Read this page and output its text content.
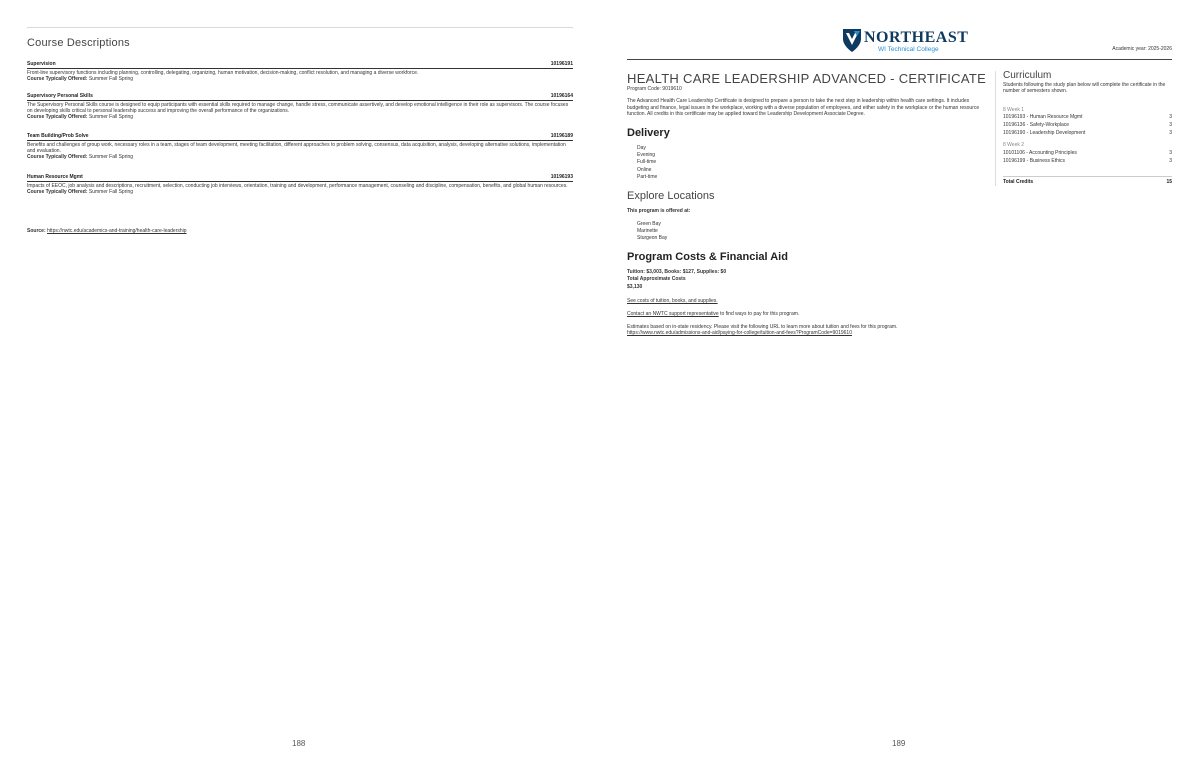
Course Descriptions
Supervision	10196191
Front-line supervisory functions including planning, controlling, delegating, organizing, human motivation, decision-making, conflict resolution, and managing a diverse workforce.
Course Typically Offered: Summer Fall Spring
Supervisory Personal Skills	10196164
The Supervisory Personal Skills course is designed to equip participants with essential skills required to manage change, handle stress, communicate assertively, and develop emotional intelligence in their role as supervisors. The course focuses on developing skills critical to personal leadership success and improving the overall performance of the organizations.
Course Typically Offered: Summer Fall Spring
Team Building/Prob Solve	10196189
Benefits and challenges of group work, necessary roles in a team, stages of team development, meeting facilitation, different approaches to problem solving, consensus, data acquisition, analysis, developing alternative solutions, implementation and evaluation.
Course Typically Offered: Summer Fall Spring
Human Resource Mgmt	10196193
Impacts of EEOC, job analysis and descriptions, recruitment, selection, conducting job interviews, orientation, training and development, performance management, counseling and discipline, compensation, benefits, and global human resources.
Course Typically Offered: Summer Fall Spring
Source: https://nwtc.edu/academics-and-training/health-care-leadership
188
NORTHEAST
WI Technical College	Academic year: 2025-2026
HEALTH CARE LEADERSHIP ADVANCED - CERTIFICATE
Program Code: 9019610
The Advanced Health Care Leadership Certificate is designed to prepare a person to take the next step in leadership within health care settings. It includes budgeting and finance, legal issues in the workplace, working with a diverse population of employees, and either safety in the workplace or the human resource function. All credits in this certificate may be applied toward the Leadership Development Associate Degree.
Delivery
Day
Evening
Full-time
Online
Part-time
Explore Locations
This program is offered at:
Green Bay
Marinette
Sturgeon Bay
Program Costs & Financial Aid
Tuition: $3,003, Books: $127, Supplies: $0
Total Approximate Costs
$3,130
See costs of tuition, books, and supplies.
Contact an NWTC support representative to find ways to pay for this program.
Estimates based on in-state residency. Please visit the following URL to learn more about tuition and fees for this program.
https://www.nwtc.edu/admissions-and-aid/paying-for-college/tuition-and-fees?ProgramCode=9019610
Curriculum
Students following the study plan below will complete the certificate in the number of semesters shown.
8 Week 1
10196193 - Human Resource Mgmt	3
10196136 - Safety-Workplace	3
10196190 - Leadership Development	3
8 Week 2
10101106 - Accounting Principles	3
10196199 - Business Ethics	3
Total Credits	15
189
